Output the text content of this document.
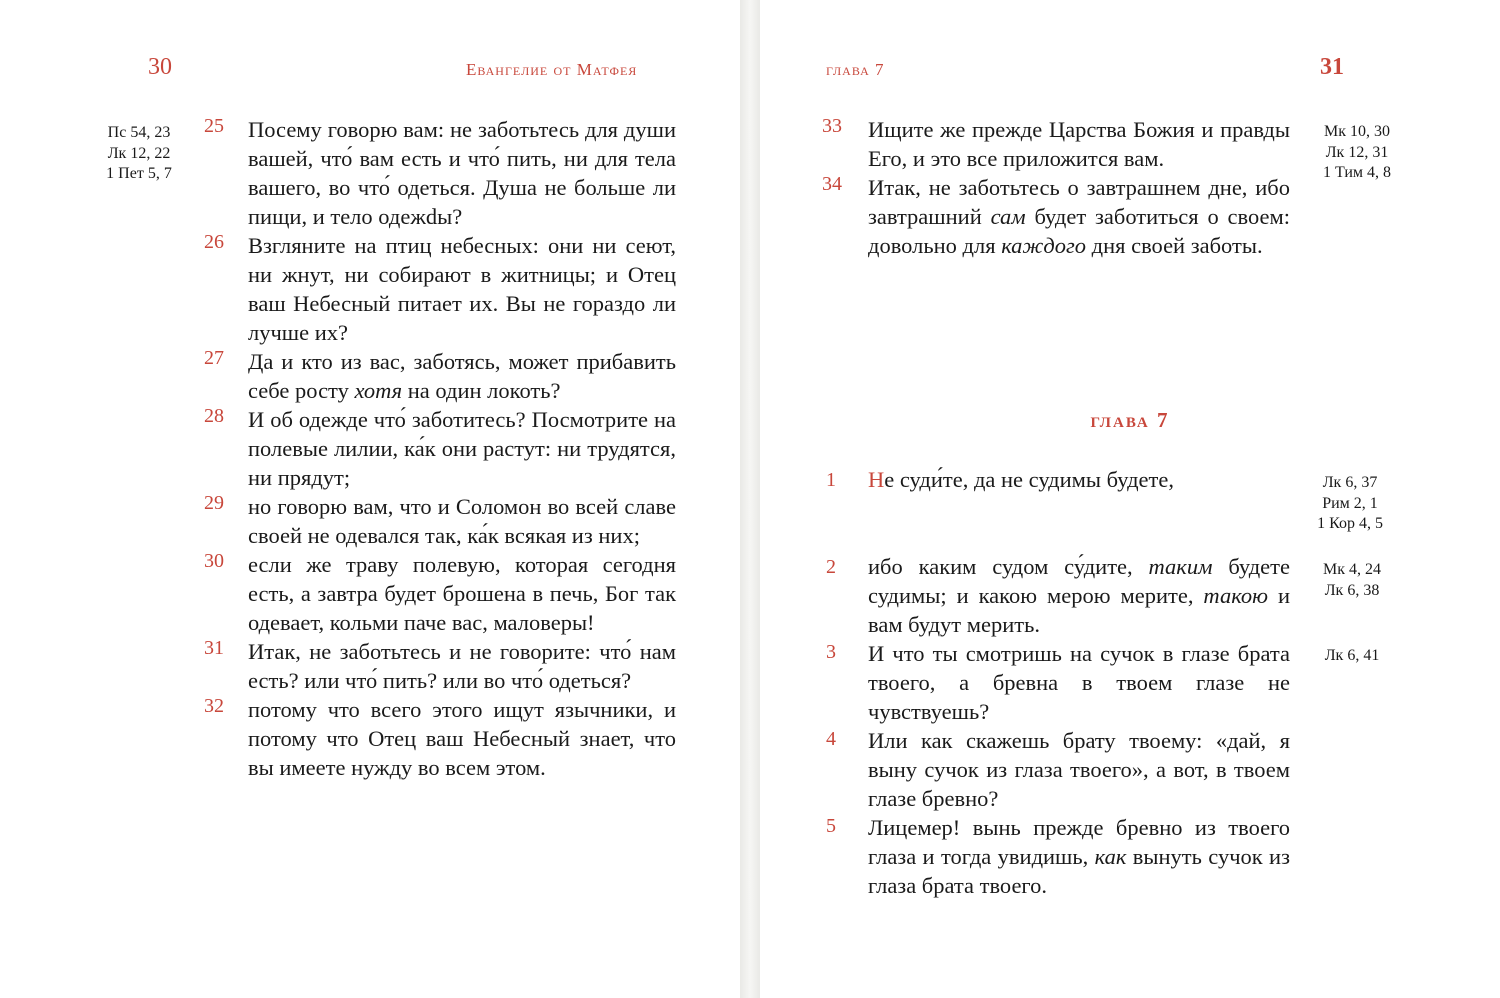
30	Евангелие от Матфея
Пс 54, 23
Лк 12, 22
1 Пет 5, 7
25 Посему говорю вам: не заботьтесь для души вашей, что́ вам есть и что́ пить, ни для тела вашего, во что́ одеться. Душа не больше ли пищи, и тело одежdы?
26 Взгляните на птиц небесных: они ни сеют, ни жнут, ни собирают в житницы; и Отец ваш Небесный питает их. Вы не гораздо ли лучше их?
27 Да и кто из вас, заботясь, может прибавить себе росту хотя на один локоть?
28 И об одежде что́ заботитесь? Посмотрите на полевые лилии, ка́к они растут: ни трудятся, ни прядут;
29 но говорю вам, что и Соломон во всей славе своей не одевался так, ка́к всякая из них;
30 если же траву полевую, которая сегодня есть, а завтра будет брошена в печь, Бог так одевает, кольми паче вас, маловеры!
31 Итак, не заботьтесь и не говорите: что́ нам есть? или что́ пить? или во что́ одеться?
32 потому что всего этого ищут язычники, и потому что Отец ваш Небесный знает, что вы имеете нужду во всем этом.
глава 7	31
Мк 10, 30
Лк 12, 31
1 Тим 4, 8
33 Ищите же прежде Царства Божия и правды Его, и это все приложится вам.
34 Итак, не заботьтесь о завтрашнем дне, ибо завтрашний сам будет заботиться о своем: довольно для каждого дня своей заботы.
глава 7
1 Не суди́те, да не судимы будете,	Лк 6, 37
Рим 2, 1
1 Кор 4, 5
2 ибо каким судом су́дите, таким будете судимы; и какою мерою мерите, такою и вам будут мерить.
3 И что ты смотришь на сучок в глазе брата твоего, а бревна в твоем глазе не чувствуешь?
4 Или как скажешь брату твоему: «дай, я выну сучок из глаза твоего», а вот, в твоем глазе бревно?
5 Лицемер! вынь прежде бревно из твоего глаза и тогда увидишь, как вынуть сучок из глаза брата твоего.
Мк 4, 24
Лк 6, 38
Лк 6, 41
